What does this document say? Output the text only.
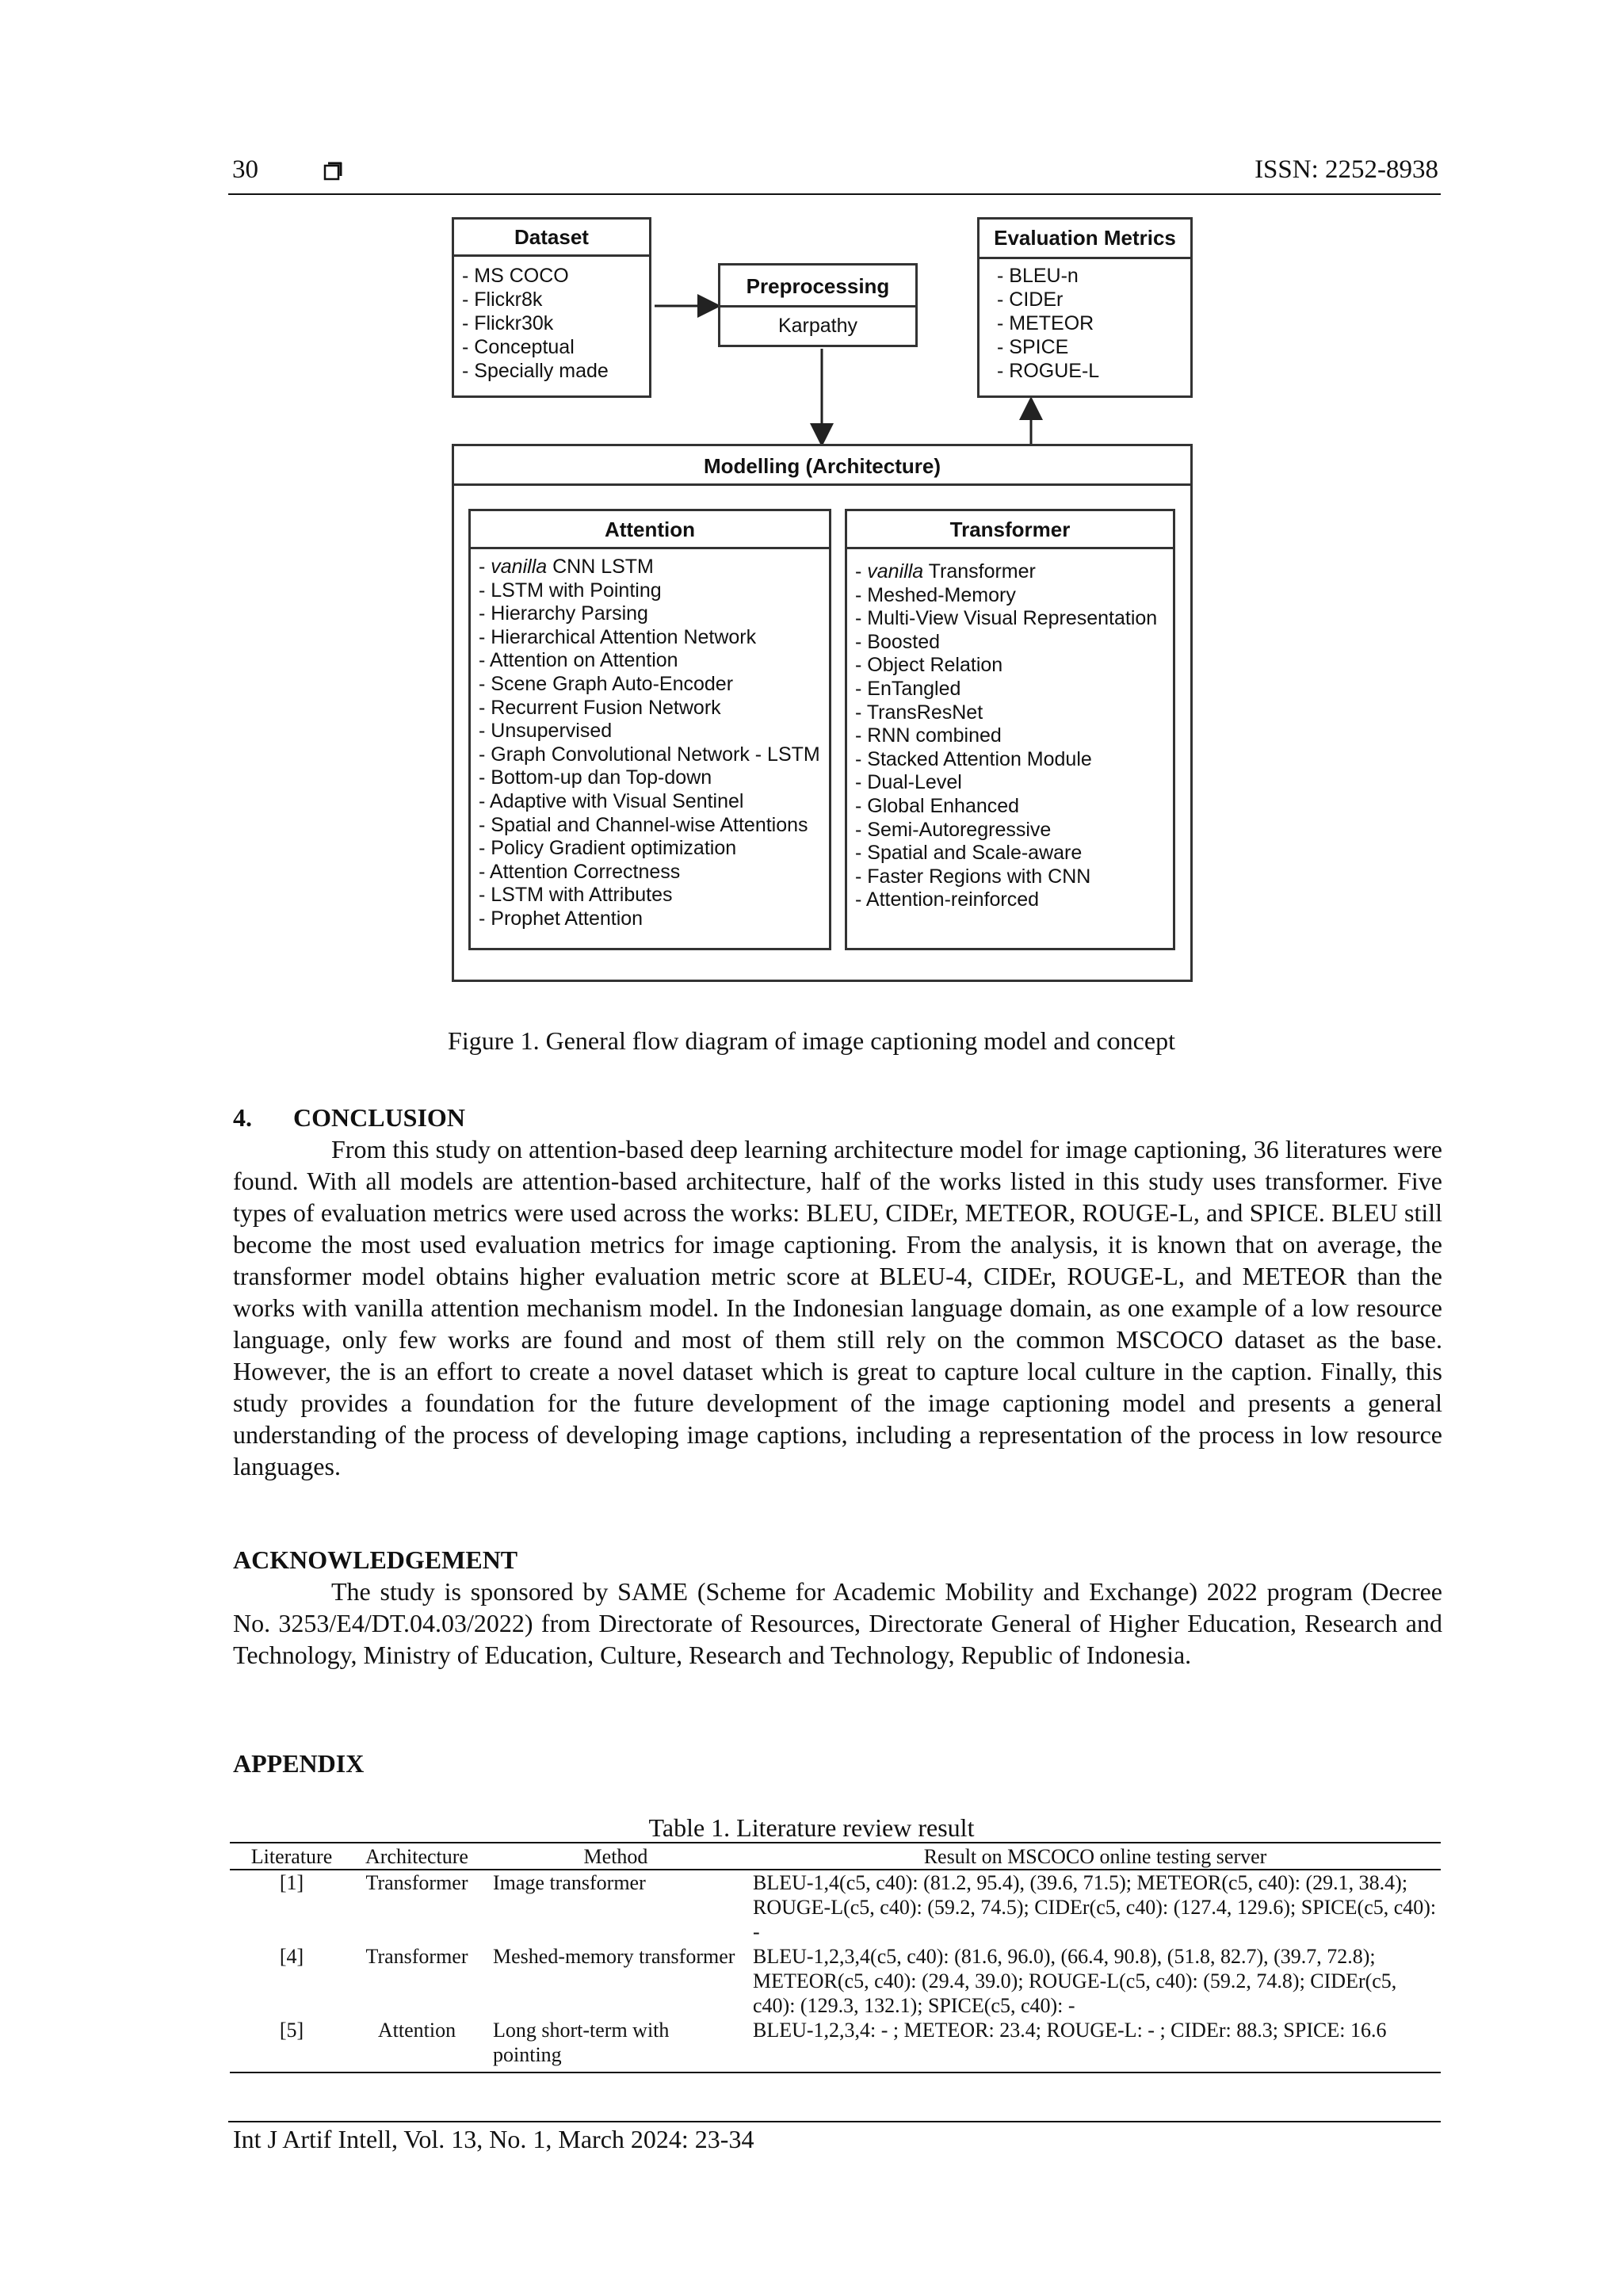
30	ISSN: 2252-8938
Dataset
- MS COCO
- Flickr8k
- Flickr30k
- Conceptual
- Specially made
Preprocessing
Karpathy
Evaluation Metrics
- BLEU-n
- CIDEr
- METEOR
- SPICE
- ROGUE-L
Modelling (Architecture)
Attention
- vanilla CNN LSTM
- LSTM with Pointing
- Hierarchy Parsing
- Hierarchical Attention Network
- Attention on Attention
- Scene Graph Auto-Encoder
- Recurrent Fusion Network
- Unsupervised
- Graph Convolutional Network - LSTM
- Bottom-up dan Top-down
- Adaptive with Visual Sentinel
- Spatial and Channel-wise Attentions
- Policy Gradient optimization
- Attention Correctness
- LSTM with Attributes
- Prophet Attention
Transformer
- vanilla Transformer
- Meshed-Memory
- Multi-View Visual Representation
- Boosted
- Object Relation
- EnTangled
- TransResNet
- RNN combined
- Stacked Attention Module
- Dual-Level
- Global Enhanced
- Semi-Autoregressive
- Spatial and Scale-aware
- Faster Regions with CNN
- Attention-reinforced
Figure 1. General flow diagram of image captioning model and concept
4. CONCLUSION

From this study on attention-based deep learning architecture model for image captioning, 36 literatures were found. With all models are attention-based architecture, half of the works listed in this study uses transformer. Five types of evaluation metrics were used across the works: BLEU, CIDEr, METEOR, ROUGE-L, and SPICE. BLEU still become the most used evaluation metrics for image captioning. From the analysis, it is known that on average, the transformer model obtains higher evaluation metric score at BLEU-4, CIDEr, ROUGE-L, and METEOR than the works with vanilla attention mechanism model. In the Indonesian language domain, as one example of a low resource language, only few works are found and most of them still rely on the common MSCOCO dataset as the base. However, the is an effort to create a novel dataset which is great to capture local culture in the caption. Finally, this study provides a foundation for the future development of the image captioning model and presents a general understanding of the process of developing image captions, including a representation of the process in low resource languages.

ACKNOWLEDGEMENT

The study is sponsored by SAME (Scheme for Academic Mobility and Exchange) 2022 program (Decree No. 3253/E4/DT.04.03/2022) from Directorate of Resources, Directorate General of Higher Education, Research and Technology, Ministry of Education, Culture, Research and Technology, Republic of Indonesia.

APPENDIX
Table 1. Literature review result
Literature	Architecture	Method	Result on MSCOCO online testing server
[1]	Transformer	Image transformer	BLEU-1,4(c5, c40): (81.2, 95.4), (39.6, 71.5); METEOR(c5, c40): (29.1, 38.4); ROUGE-L(c5, c40): (59.2, 74.5); CIDEr(c5, c40): (127.4, 129.6); SPICE(c5, c40): -
[4]	Transformer	Meshed-memory transformer	BLEU-1,2,3,4(c5, c40): (81.6, 96.0), (66.4, 90.8), (51.8, 82.7), (39.7, 72.8); METEOR(c5, c40): (29.4, 39.0); ROUGE-L(c5, c40): (59.2, 74.8); CIDEr(c5, c40): (129.3, 132.1); SPICE(c5, c40): -
[5]	Attention	Long short-term with pointing	BLEU-1,2,3,4: - ; METEOR: 23.4; ROUGE-L: - ; CIDEr: 88.3; SPICE: 16.6
Int J Artif Intell, Vol. 13, No. 1, March 2024: 23-34
